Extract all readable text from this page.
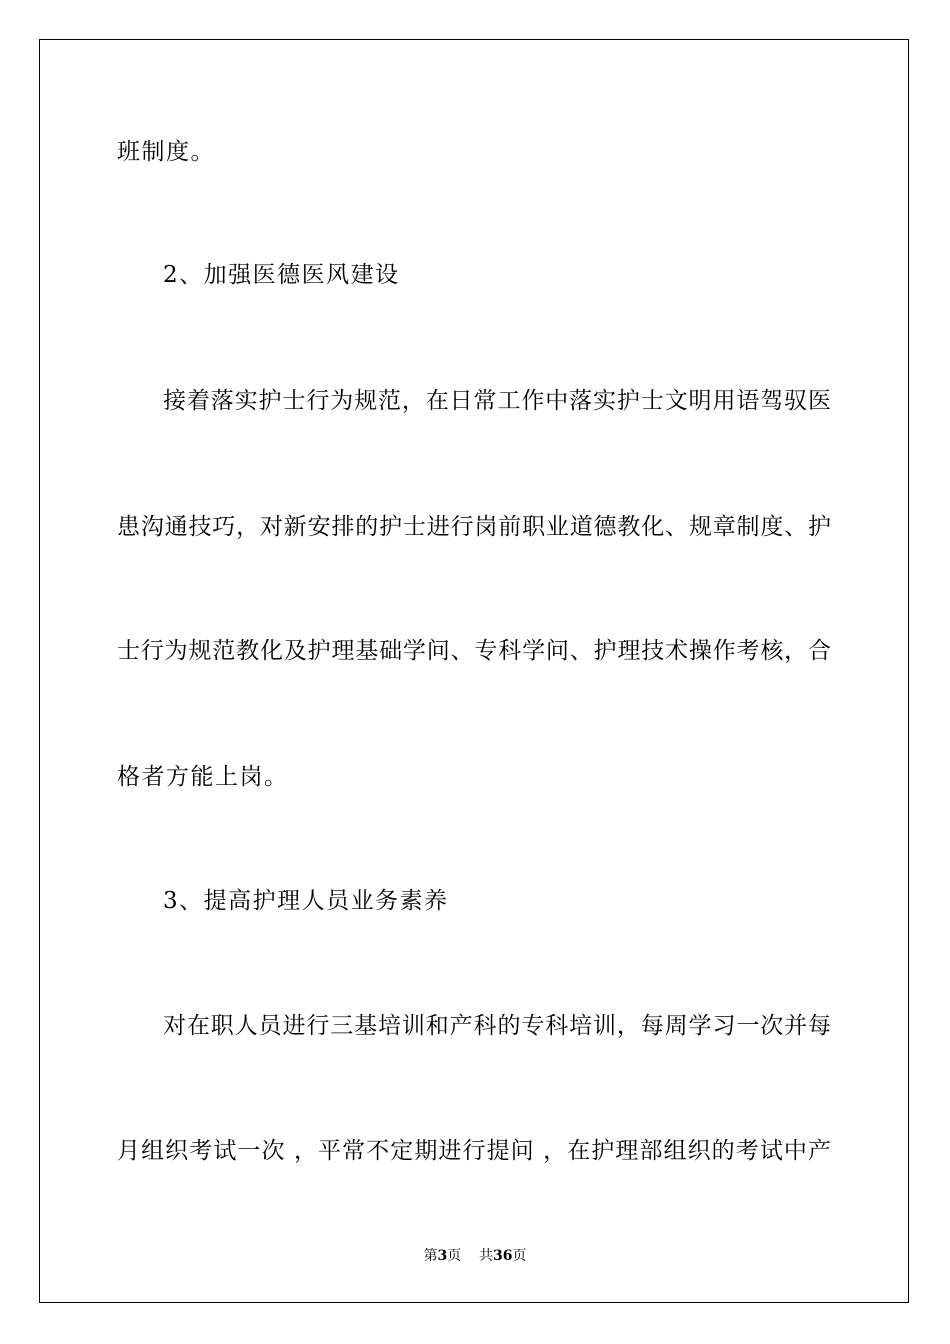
班制度。
2、加强医德医风建设
接着落实护士行为规范，在日常工作中落实护士文明用语驾驭医
患沟通技巧，对新安排的护士进行岗前职业道德教化、规章制度、护
士行为规范教化及护理基础学问、专科学问、护理技术操作考核，合
格者方能上岗。
3、提高护理人员业务素养
对在职人员进行三基培训和产科的专科培训，每周学习一次并每
月组织考试一次 ，平常不定期进行提问 ，在护理部组织的考试中产
第3页 共36页
